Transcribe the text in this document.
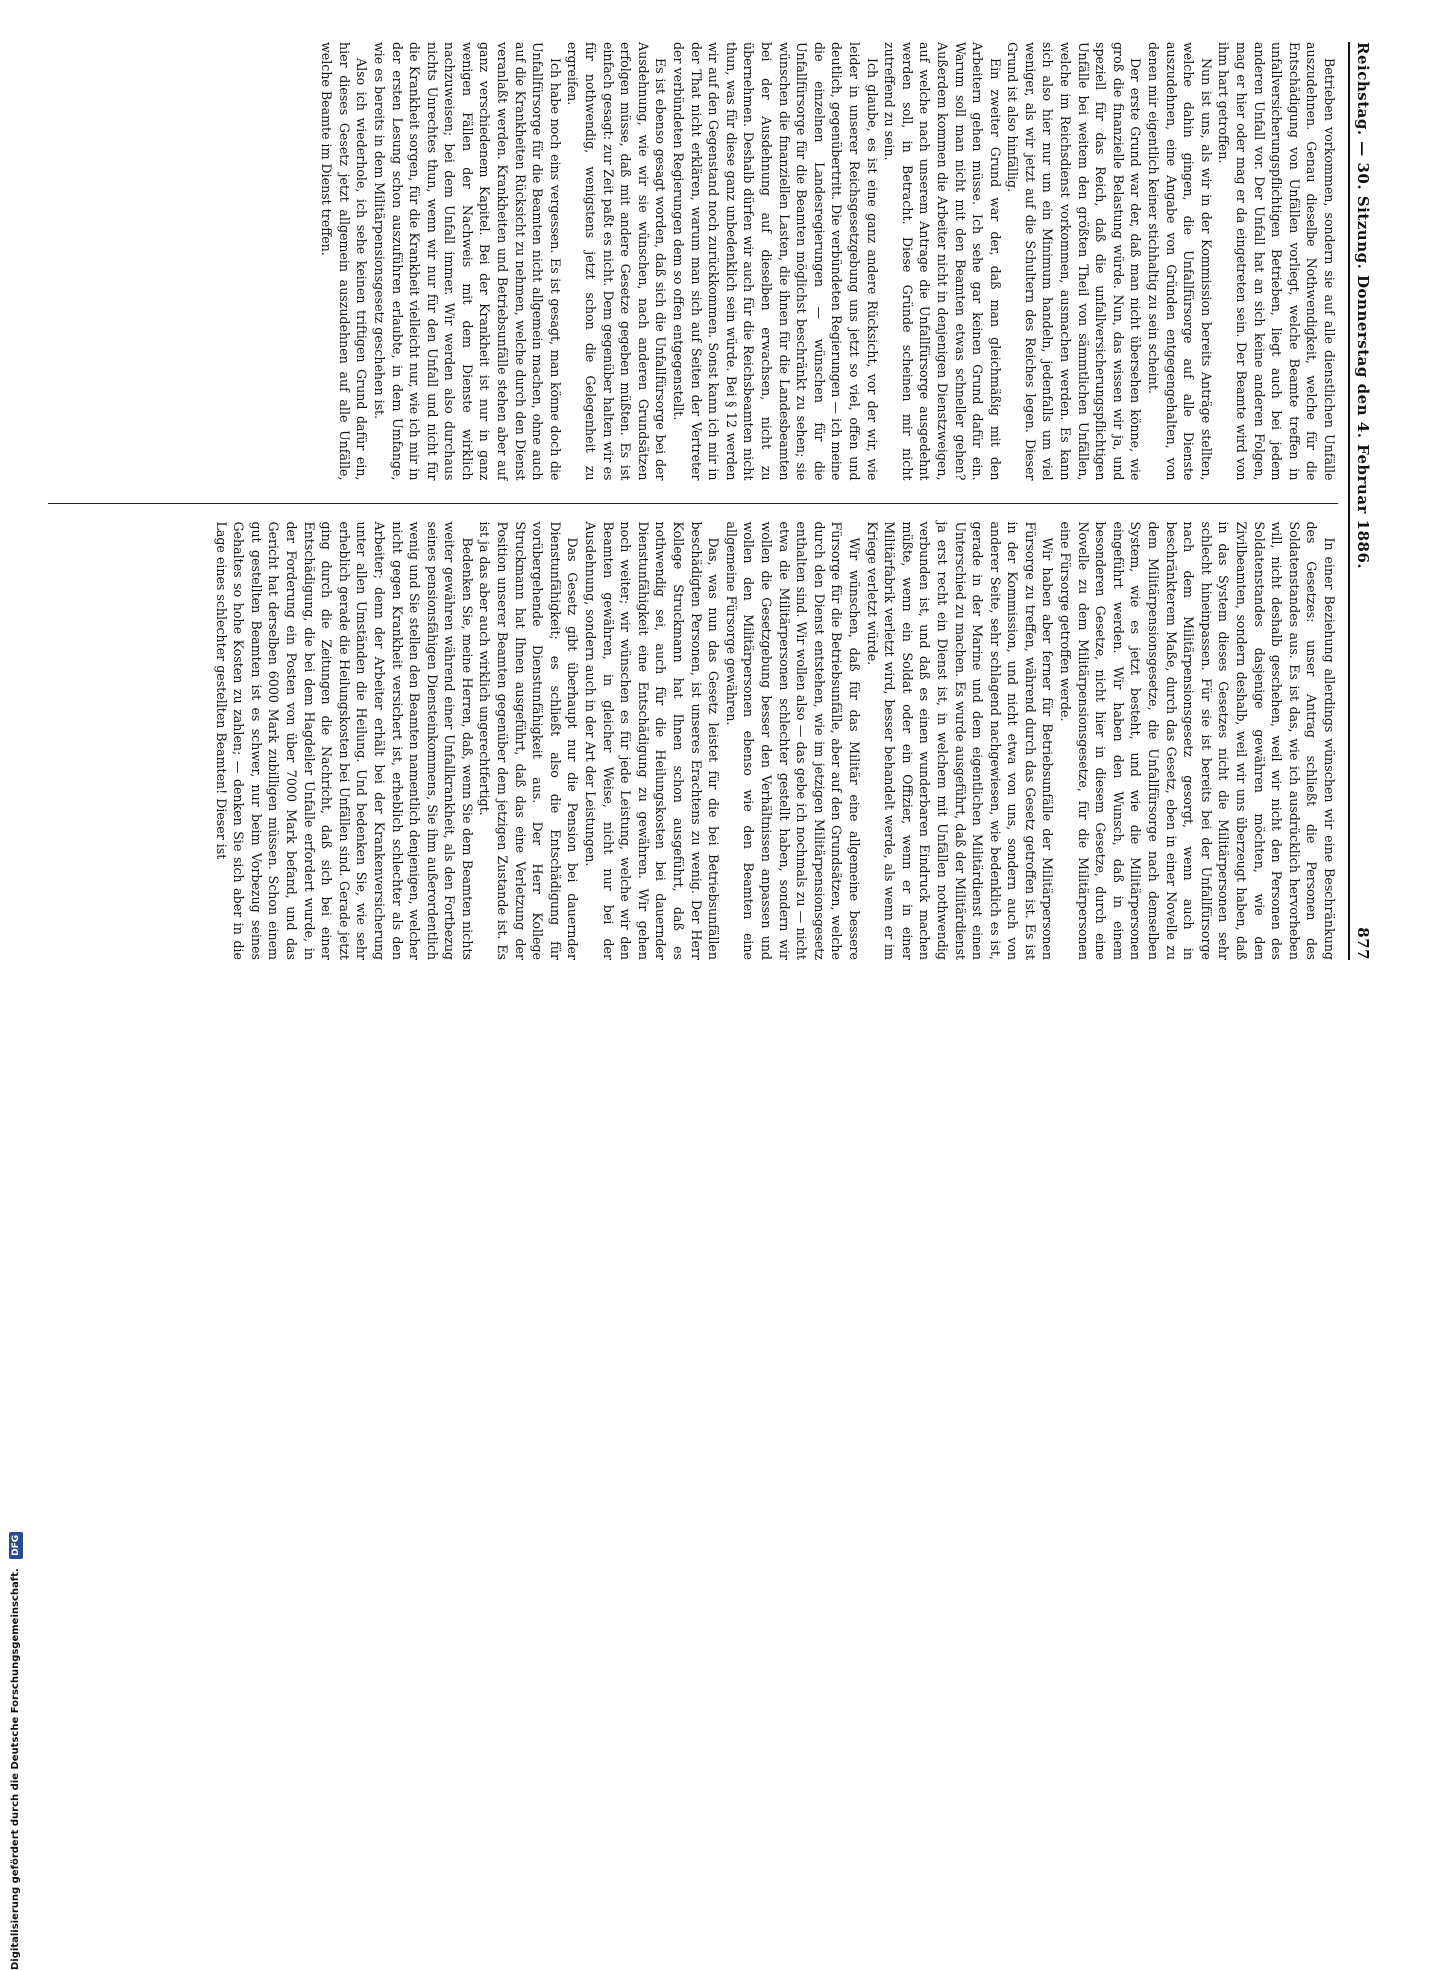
Reichstag. — 30. Sitzung. Donnerstag den 4. Februar 1886.
877

Betrieben vorkommen, sondern sie auf alle dienstlichen Unfälle auszudehnen. Genau dieselbe Nothwendigkeit, welche für die Entschädigung von Unfällen vorliegt, welche Beamte treffen in unfallversicherungspflichtigen Betrieben, liegt auch bei jedem anderen Unfall vor. Der Unfall hat an sich keine anderen Folgen, mag er hier oder mag er da eingetreten sein. Der Beamte wird von ihm hart getroffen.

Nun ist uns, als wir in der Kommission bereits Anträge stellten, welche dahin gingen, die Unfallfürsorge auf alle Dienste auszudehnen, eine Angabe von Gründen entgegengehalten, von denen mir eigentlich keiner stichhaltig zu sein scheint.

Der erste Grund war der, daß man nicht übersehen könne, wie groß die finanzielle Belastung würde. Nun, das wissen wir ja, und speziell für das Reich, daß die unfallversicherungspflichtigen Unfälle bei weitem den größten Theil von sämmtlichen Unfällen, welche im Reichsdienst vorkommen, ausmachen werden. Es kann sich also hier nur um ein Minimum handeln, jedenfalls um viel weniger, als wir jetzt auf die Schultern des Reiches legen. Dieser Grund ist also hinfällig.

Ein zweiter Grund war der, daß man gleichmäßig mit den Arbeitern gehen müsse. Ich sehe gar keinen Grund dafür ein. Warum soll man nicht mit den Beamten etwas schneller gehen? Außerdem kommen die Arbeiter nicht in denjenigen Dienstzweigen, auf welche nach unserem Antrage die Unfallfürsorge ausgedehnt werden soll, in Betracht. Diese Gründe scheinen mir nicht zutreffend zu sein.

Ich glaube, es ist eine ganz andere Rücksicht, vor der wir, wie leider in unserer Reichsgesetzgebung uns jetzt so viel, offen und deutlich, gegenübertritt. Die verbündeten Regierungen — ich meine die einzelnen Landesregierungen — wünschen für die Unfallfürsorge für die Beamten möglichst beschränkt zu sehen; sie wünschen die finanziellen Lasten, die ihnen für die Landesbeamten bei der Ausdehnung auf dieselben erwachsen, nicht zu übernehmen. Deshalb dürfen wir auch für die Reichsbeamten nicht thun, was für diese ganz unbedenklich sein würde. Bei § 12 werden wir auf den Gegenstand noch zurückkommen. Sonst kann ich mir in der That nicht erklären, warum man sich auf Seiten der Vertreter der verbündeten Regierungen dem so offen entgegenstellt.

Es ist ebenso gesagt worden, daß sich die Unfallfürsorge bei der Ausdehnung, wie wir sie wünschen, nach anderen Grundsätzen erfolgen müsse, daß mit andere Gesetze gegeben müßten. Es ist einfach gesagt: zur Zeit paßt es nicht. Dem gegenüber halten wir es für nothwendig, wenigstens jetzt schon die Gelegenheit zu ergreifen.

Ich habe noch eins vergessen. Es ist gesagt, man könne doch die Unfallfürsorge für die Beamten nicht allgemein machen, ohne auch auf die Krankheiten Rücksicht zu nehmen, welche durch den Dienst veranlaßt werden. Krankheiten und Betriebsunfälle stehen aber auf ganz verschiedenem Kapitel. Bei der Krankheit ist nur in ganz wenigen Fällen der Nachweis mit dem Dienste wirklich nachzuweisen; bei dem Unfall immer. Wir werden also durchaus nichts Unrechtes thun, wenn wir nur für den Unfall und nicht für die Krankheit sorgen, für die Krankheit vielleicht nur, wie ich mir in der ersten Lesung schon auszuführen erlaubte, in dem Umfange, wie es bereits in dem Militärpensionsgesetz geschehen ist.

Also ich wiederhole, ich sehe keinen triftigen Grund dafür ein, hier dieses Gesetz jetzt allgemein auszudehnen auf alle Unfälle, welche Beamte im Dienst treffen.

In einer Beziehung allerdings wünschen wir eine Beschränkung des Gesetzes: unser Antrag schließt die Personen des Soldatenstandes aus. Es ist das, wie ich ausdrücklich hervorheben will, nicht deshalb geschehen, weil wir nicht den Personen des Soldatenstandes dasjenige gewähren möchten, wie den Zivilbeamten, sondern deshalb, weil wir uns überzeugt haben, daß in das System dieses Gesetzes nicht die Militärpersonen sehr schlecht hineinpassen. Für sie ist bereits bei der Unfallfürsorge nach dem Militärpensionsgesetz gesorgt, wenn auch in beschränkterem Maße, durch das Gesetz, eben in einer Novelle zu dem Militärpensionsgesetze, die Unfallfürsorge nach demselben System, wie es jetzt besteht, und wie die Militärpersonen eingeführt werden. Wir haben den Wunsch, daß in einem besonderen Gesetze, nicht hier in diesem Gesetze, durch eine Novelle zu dem Militärpensionsgesetze, für die Militärpersonen eine Fürsorge getroffen werde.

Wir haben aber ferner für Betriebsunfälle der Militärpersonen Fürsorge zu treffen, während durch das Gesetz getroffen ist. Es ist in der Kommission, und nicht etwa von uns, sondern auch von anderer Seite, sehr schlagend nachgewiesen, wie bedenklich es ist, gerade in der Marine und dem eigentlichen Militärdienst einen Unterschied zu machen. Es wurde ausgeführt, daß der Militärdienst ja erst recht ein Dienst ist, in welchem mit Unfällen nothwendig verbunden ist, und daß es einen wunderbaren Eindruck machen müßte, wenn ein Soldat oder ein Offizier, wenn er in einer Militärfabrik verletzt wird, besser behandelt werde, als wenn er im Kriege verletzt würde.

Wir wünschen, daß für das Militär eine allgemeine bessere Fürsorge für die Betriebsunfälle, aber auf den Grundsätzen, welche durch den Dienst entstehen, wie im jetzigen Militärpensionsgesetz enthalten sind. Wir wollen also — das gebe ich nochmals zu — nicht etwa die Militärpersonen schlechter gestellt haben, sondern wir wollen die Gesetzgebung besser den Verhältnissen anpassen und wollen den Militärpersonen ebenso wie den Beamten eine allgemeine Fürsorge gewähren.

Das, was nun das Gesetz leistet für die bei Betriebsunfällen beschädigten Personen, ist unseres Erachtens zu wenig. Der Herr Kollege Struckmann hat Ihnen schon ausgeführt, daß es nothwendig sei, auch für die Heilungskosten bei dauernder Dienstunfähigkeit eine Entschädigung zu gewähren. Wir gehen noch weiter; wir wünschen es für jede Leistung, welche wir den Beamten gewähren, in gleicher Weise, nicht nur bei der Ausdehnung, sondern auch in der Art der Leistungen.

Das Gesetz gibt überhaupt nur die Pension bei dauernder Dienstunfähigkeit; es schließt also die Entschädigung für vorübergehende Dienstunfähigkeit aus. Der Herr Kollege Struckmann hat Ihnen ausgeführt, daß das eine Verletzung der Position unserer Beamten gegenüber dem jetzigen Zustande ist. Es ist ja das aber auch wirklich ungerechtfertigt.

Bedenken Sie, meine Herren, daß, wenn Sie dem Beamten nichts weiter gewähren während einer Unfallkrankheit, als den Fortbezug seines pensionsfähigen Diensteinkommens, Sie ihm außerordentlich wenig und Sie stellen den Beamten namentlich denjenigen, welcher nicht gegen Krankheit versichert ist, erheblich schlechter als den Arbeiter; denn der Arbeiter erhält bei der Krankenversicherung unter allen Umständen die Heilung. Und bedenken Sie, wie sehr erheblich gerade die Heilungskosten bei Unfällen sind. Gerade jetzt ging durch die Zeitungen die Nachricht, daß sich bei einer Entschädigung, die bei dem Hagdeiler Unfalle erfordert wurde, in der Forderung ein Posten von über 7000 Mark befand, und das Gericht hat derselben 6000 Mark zubilligen müssen. Schon einem gut gestellten Beamten ist es schwer, nur beim Vorbezug seines Gehaltes so hohe Kosten zu zahlen; — denken Sie sich aber in die Lage eines schlechter gestellten Beamten! Dieser ist

Digitalisierung gefördert durch die Deutsche Forschungsgemeinschaft. DFG
